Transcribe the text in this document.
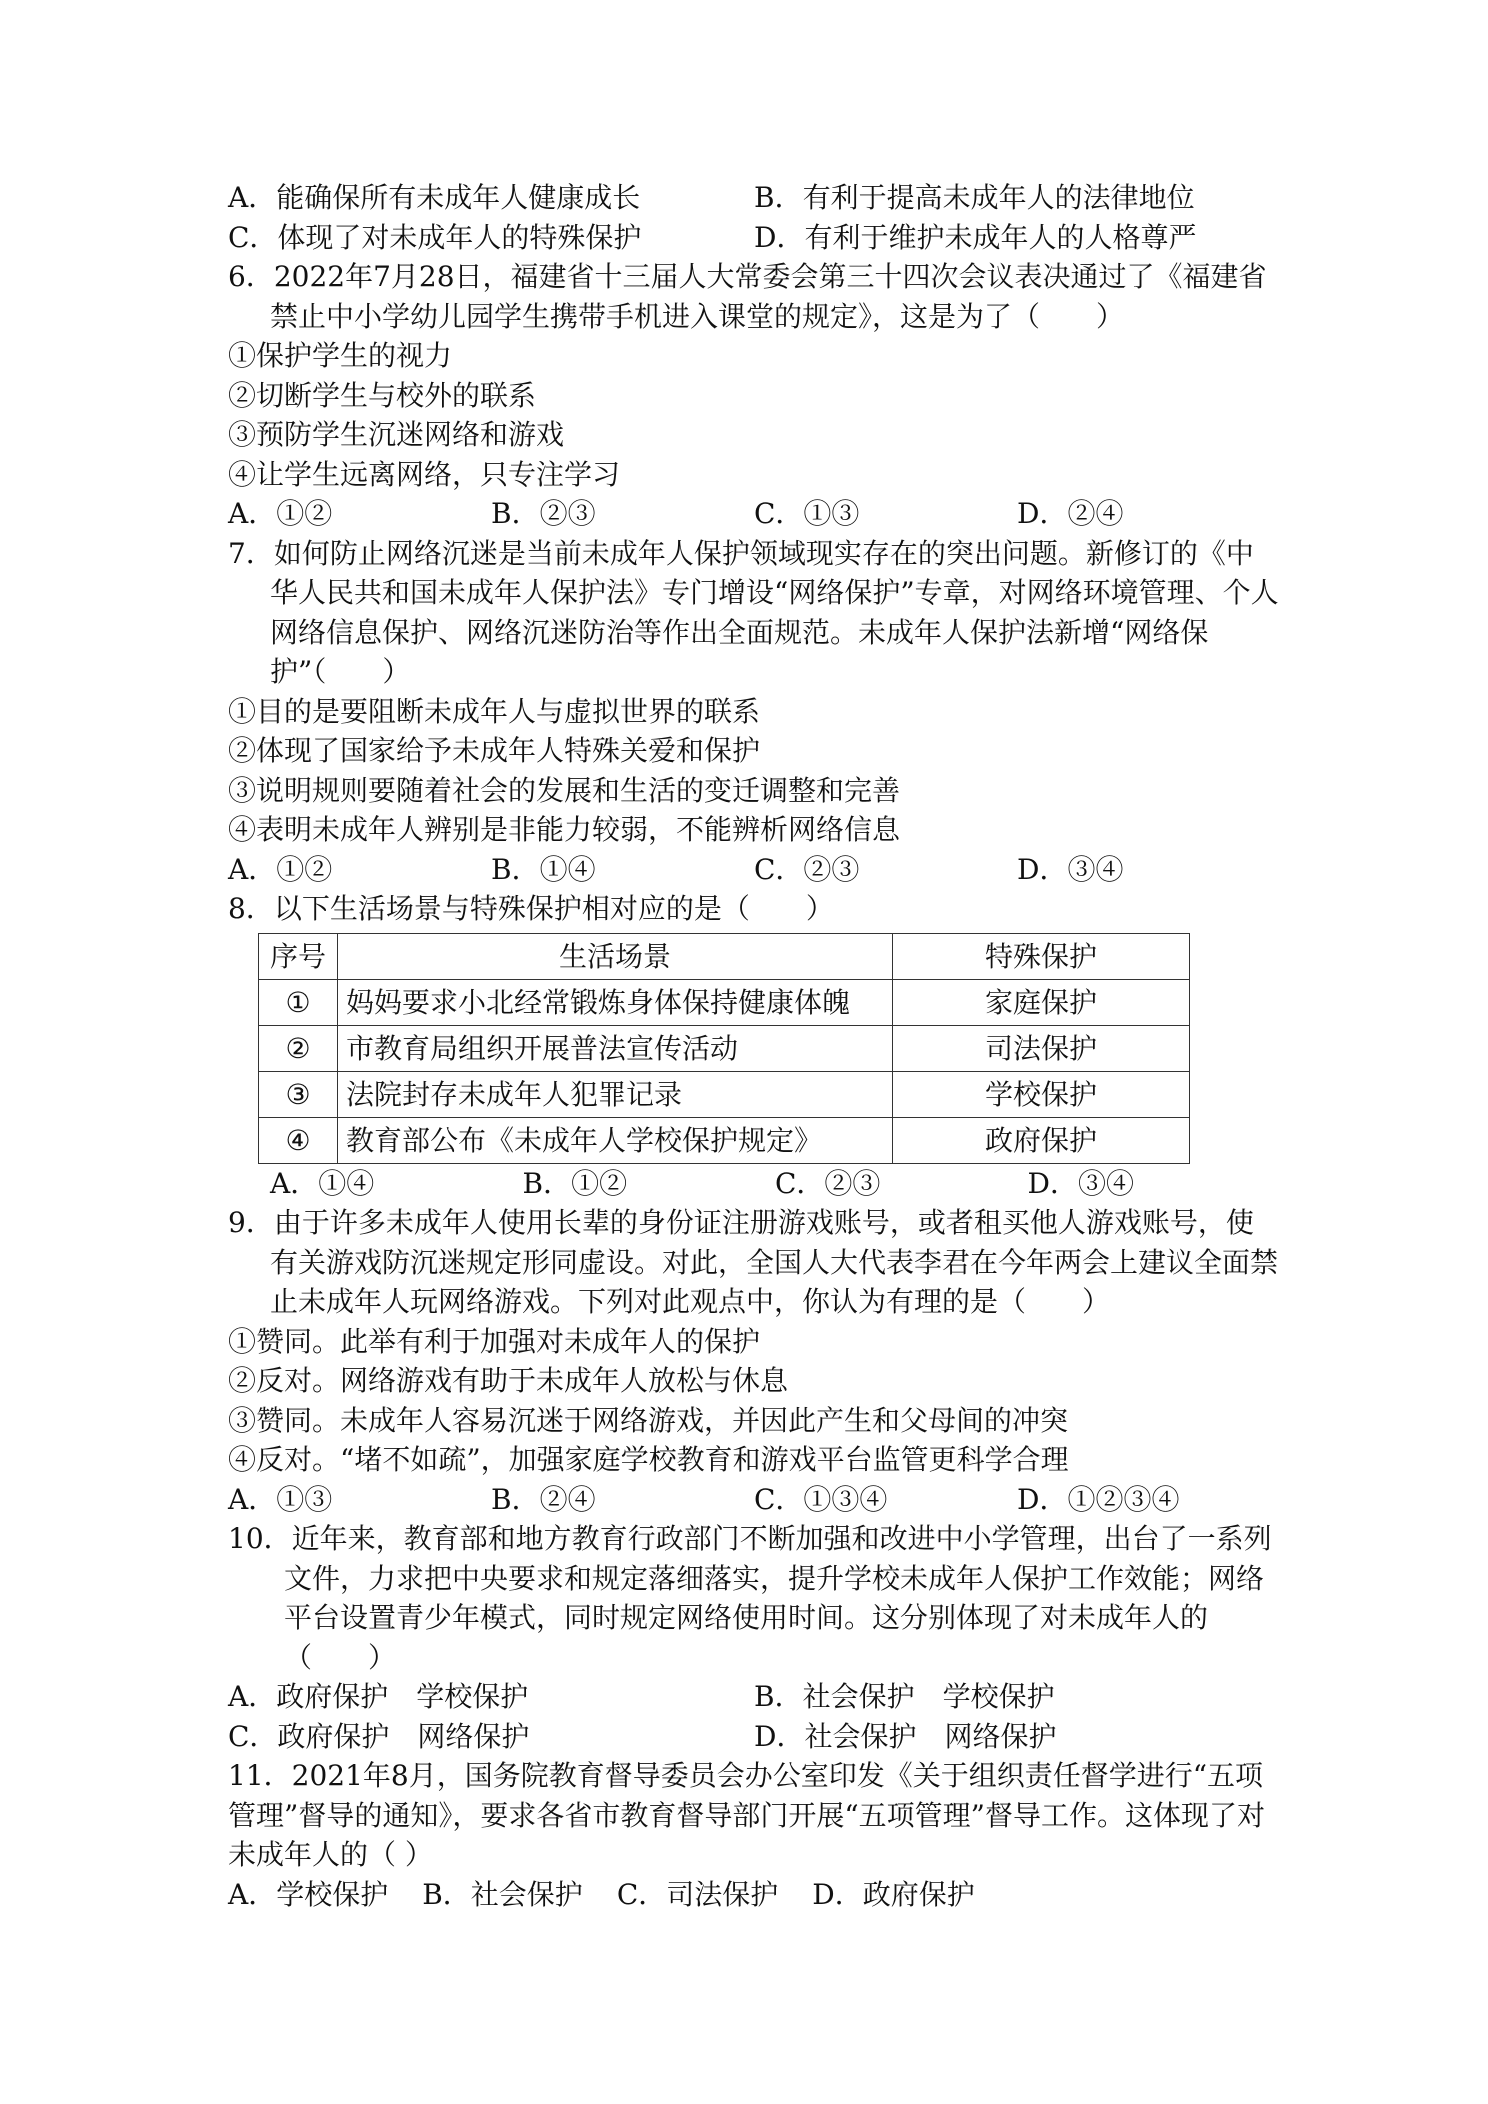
A．能确保所有未成年人健康成长	B．有利于提高未成年人的法律地位
C．体现了对未成年人的特殊保护	D．有利于维护未成年人的人格尊严
6．2022年7月28日，福建省十三届人大常委会第三十四次会议表决通过了《福建省禁止中小学幼儿园学生携带手机进入课堂的规定》，这是为了（　　）
①保护学生的视力
②切断学生与校外的联系
③预防学生沉迷网络和游戏
④让学生远离网络，只专注学习
A．①②	B．②③	C．①③	D．②④
7．如何防止网络沉迷是当前未成年人保护领域现实存在的突出问题。新修订的《中华人民共和国未成年人保护法》专门增设“网络保护”专章，对网络环境管理、个人网络信息保护、网络沉迷防治等作出全面规范。未成年人保护法新增“网络保护”（　　）
①目的是要阻断未成年人与虚拟世界的联系
②体现了国家给予未成年人特殊关爱和保护
③说明规则要随着社会的发展和生活的变迁调整和完善
④表明未成年人辨别是非能力较弱，不能辨析网络信息
A．①②	B．①④	C．②③	D．③④
8．以下生活场景与特殊保护相对应的是（　　）
序号	生活场景	特殊保护
①	妈妈要求小北经常锻炼身体保持健康体魄	家庭保护
②	市教育局组织开展普法宣传活动	司法保护
③	法院封存未成年人犯罪记录	学校保护
④	教育部公布《未成年人学校保护规定》	政府保护
A．①④	B．①②	C．②③	D．③④
9．由于许多未成年人使用长辈的身份证注册游戏账号，或者租买他人游戏账号，使有关游戏防沉迷规定形同虚设。对此，全国人大代表李君在今年两会上建议全面禁止未成年人玩网络游戏。下列对此观点中，你认为有理的是（　　）
①赞同。此举有利于加强对未成年人的保护
②反对。网络游戏有助于未成年人放松与休息
③赞同。未成年人容易沉迷于网络游戏，并因此产生和父母间的冲突
④反对。“堵不如疏”，加强家庭学校教育和游戏平台监管更科学合理
A．①③	B．②④	C．①③④	D．①②③④
10．近年来，教育部和地方教育行政部门不断加强和改进中小学管理，出台了一系列文件，力求把中央要求和规定落细落实，提升学校未成年人保护工作效能；网络平台设置青少年模式，同时规定网络使用时间。这分别体现了对未成年人的（　　）
A．政府保护　学校保护	B．社会保护　学校保护
C．政府保护　网络保护	D．社会保护　网络保护
11．2021年8月，国务院教育督导委员会办公室印发《关于组织责任督学进行“五项管理”督导的通知》，要求各省市教育督导部门开展“五项管理”督导工作。这体现了对未成年人的（ ）
A．学校保护 B．社会保护 C．司法保护 D．政府保护
